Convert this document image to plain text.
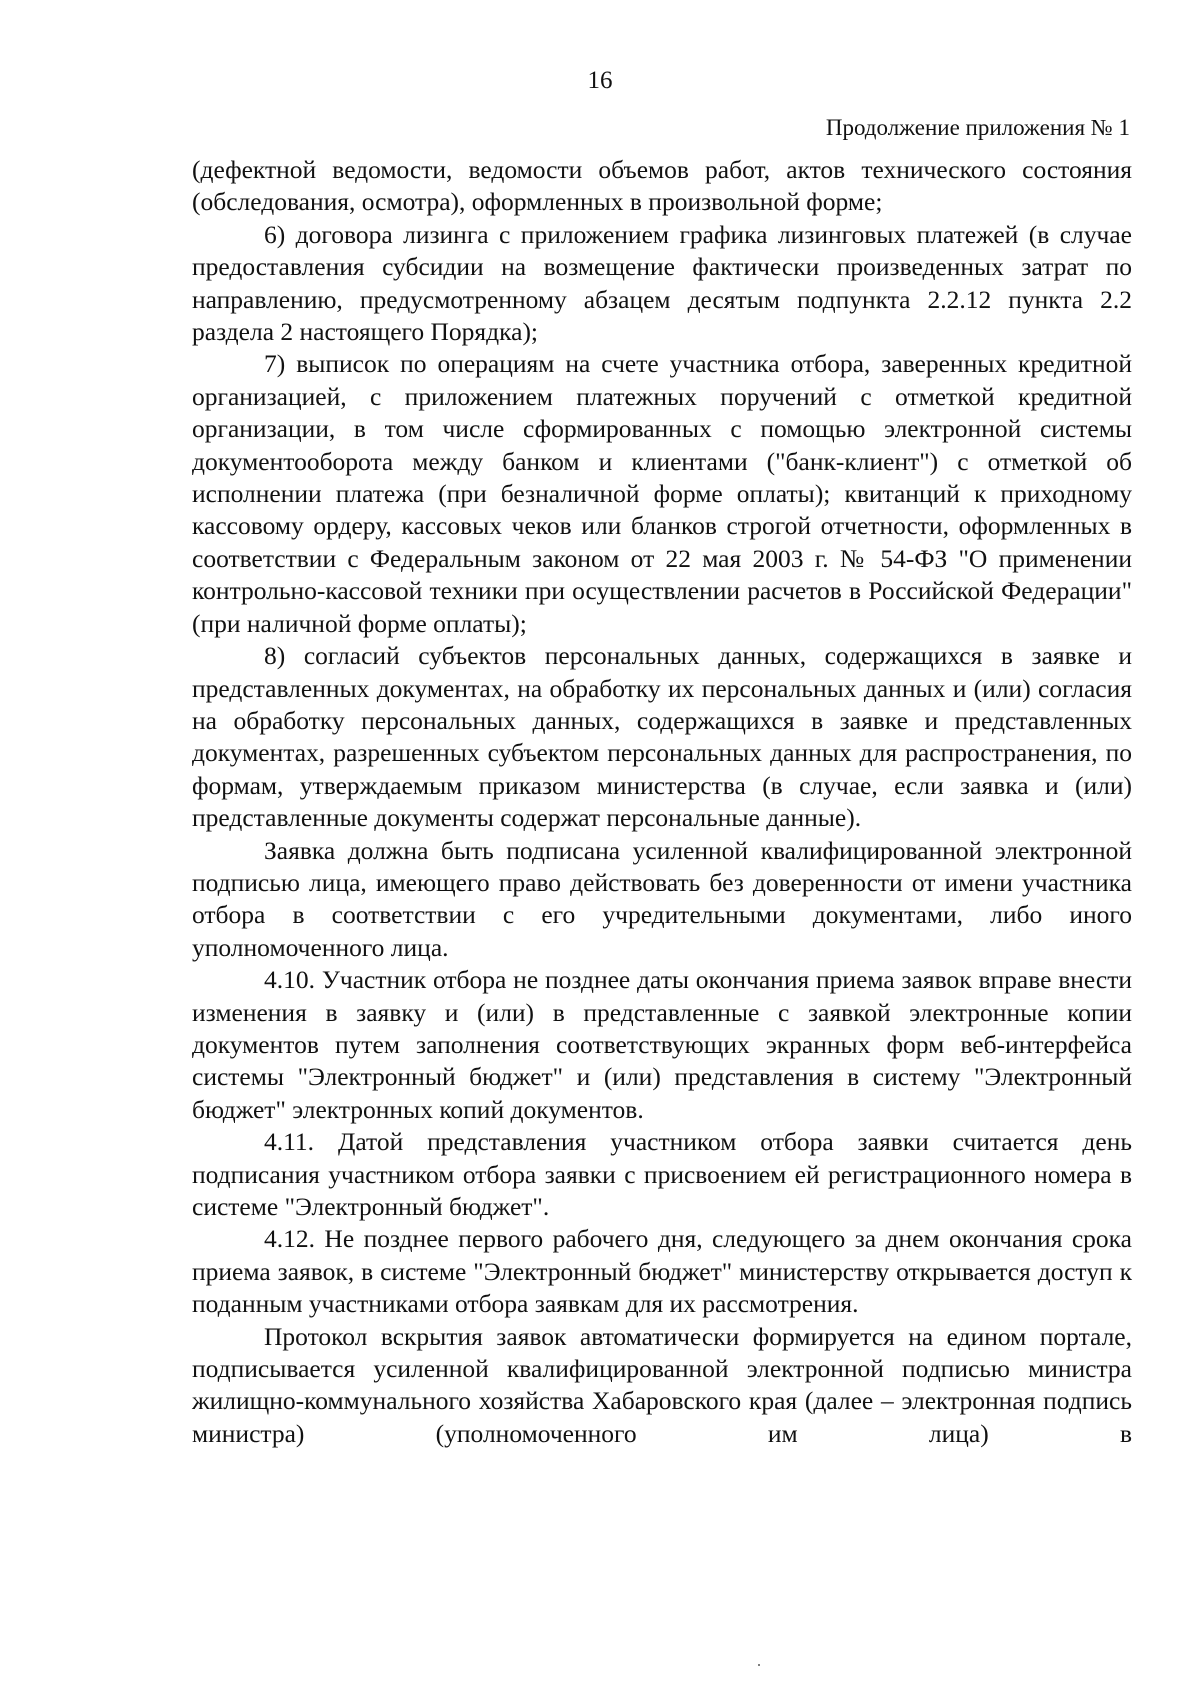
16
Продолжение приложения № 1

(дефектной ведомости, ведомости объемов работ, актов технического состояния (обследования, осмотра), оформленных в произвольной форме;

6) договора лизинга с приложением графика лизинговых платежей (в случае предоставления субсидии на возмещение фактически произведенных затрат по направлению, предусмотренному абзацем десятым подпункта 2.2.12 пункта 2.2 раздела 2 настоящего Порядка);

7) выписок по операциям на счете участника отбора, заверенных кредитной организацией, с приложением платежных поручений с отметкой кредитной организации, в том числе сформированных с помощью электронной системы документооборота между банком и клиентами ("банк-клиент") с отметкой об исполнении платежа (при безналичной форме оплаты); квитанций к приходному кассовому ордеру, кассовых чеков или бланков строгой отчетности, оформленных в соответствии с Федеральным законом от 22 мая 2003 г. № 54-ФЗ "О применении контрольно-кассовой техники при осуществлении расчетов в Российской Федерации" (при наличной форме оплаты);

8) согласий субъектов персональных данных, содержащихся в заявке и представленных документах, на обработку их персональных данных и (или) согласия на обработку персональных данных, содержащихся в заявке и представленных документах, разрешенных субъектом персональных данных для распространения, по формам, утверждаемым приказом министерства (в случае, если заявка и (или) представленные документы содержат персональные данные).

Заявка должна быть подписана усиленной квалифицированной электронной подписью лица, имеющего право действовать без доверенности от имени участника отбора в соответствии с его учредительными документами, либо иного уполномоченного лица.

4.10. Участник отбора не позднее даты окончания приема заявок вправе внести изменения в заявку и (или) в представленные с заявкой электронные копии документов путем заполнения соответствующих экранных форм веб-интерфейса системы "Электронный бюджет" и (или) представления в систему "Электронный бюджет" электронных копий документов.

4.11. Датой представления участником отбора заявки считается день подписания участником отбора заявки с присвоением ей регистрационного номера в системе "Электронный бюджет".

4.12. Не позднее первого рабочего дня, следующего за днем окончания срока приема заявок, в системе "Электронный бюджет" министерству открывается доступ к поданным участниками отбора заявкам для их рассмотрения.

Протокол вскрытия заявок автоматически формируется на едином портале, подписывается усиленной квалифицированной электронной подписью министра жилищно-коммунального хозяйства Хабаровского края (далее – электронная подпись министра) (уполномоченного им лица) в
